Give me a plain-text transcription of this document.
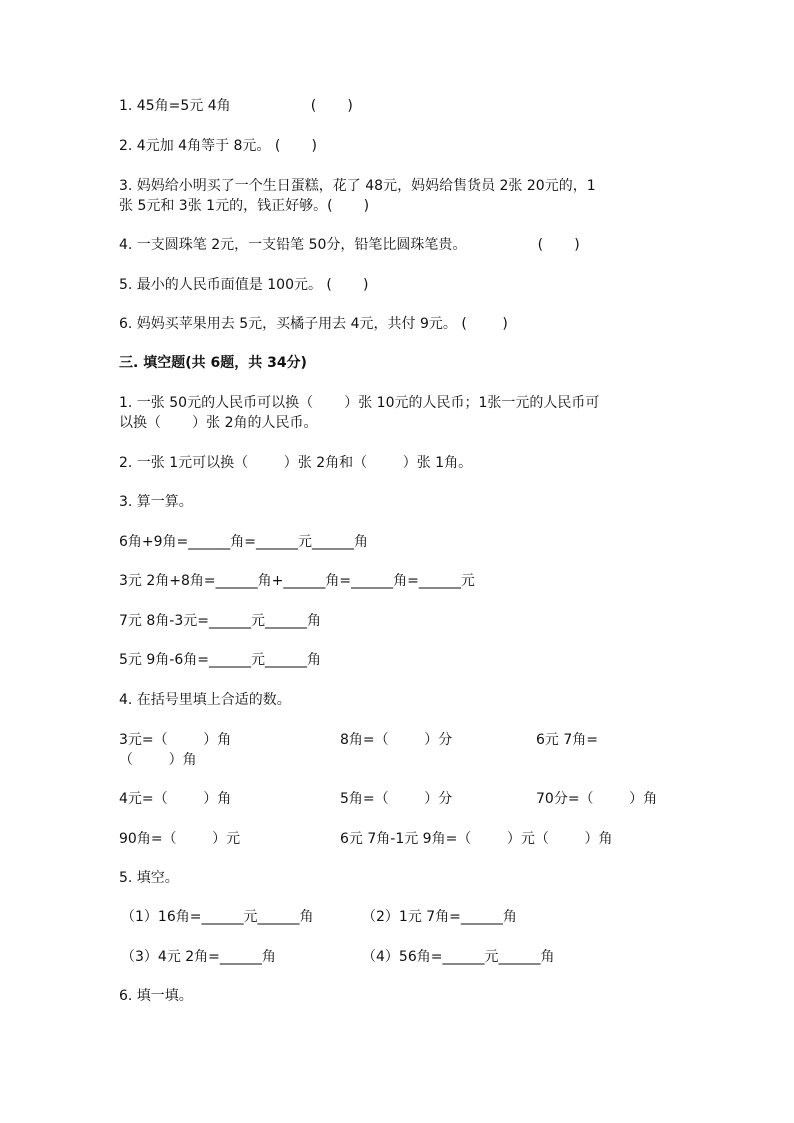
1. 45角=5元 4角                  (       )
2. 4元加 4角等于 8元。 (       )
3. 妈妈给小明买了一个生日蛋糕，花了 48元，妈妈给售货员 2张 20元的，1
张 5元和 3张 1元的，钱正好够。(       )
4. 一支圆珠笔 2元，一支铅笔 50分，铅笔比圆珠笔贵。                (       )
5. 最小的人民币面值是 100元。 (       )
6. 妈妈买苹果用去 5元，买橘子用去 4元，共付 9元。 (        )
三. 填空题(共 6题，共 34分)
1. 一张 50元的人民币可以换（       ）张 10元的人民币；1张一元的人民币可
以换（       ）张 2角的人民币。
2. 一张 1元可以换（        ）张 2角和（        ）张 1角。
3. 算一算。
6角+9角=______角=______元______角
3元 2角+8角=______角+______角=______角=______元
7元 8角-3元=______元______角
5元 9角-6角=______元______角
4. 在括号里填上合适的数。
3元=（        ）角	8角=（        ）分	6元 7角=
（        ）角
4元=（        ）角	5角=（        ）分	70分=（        ）角
90角=（        ）元	6元 7角-1元 9角=（        ）元（        ）角
5. 填空。
（1）16角=______元______角	（2）1元 7角=______角
（3）4元 2角=______角	（4）56角=______元______角
6. 填一填。
